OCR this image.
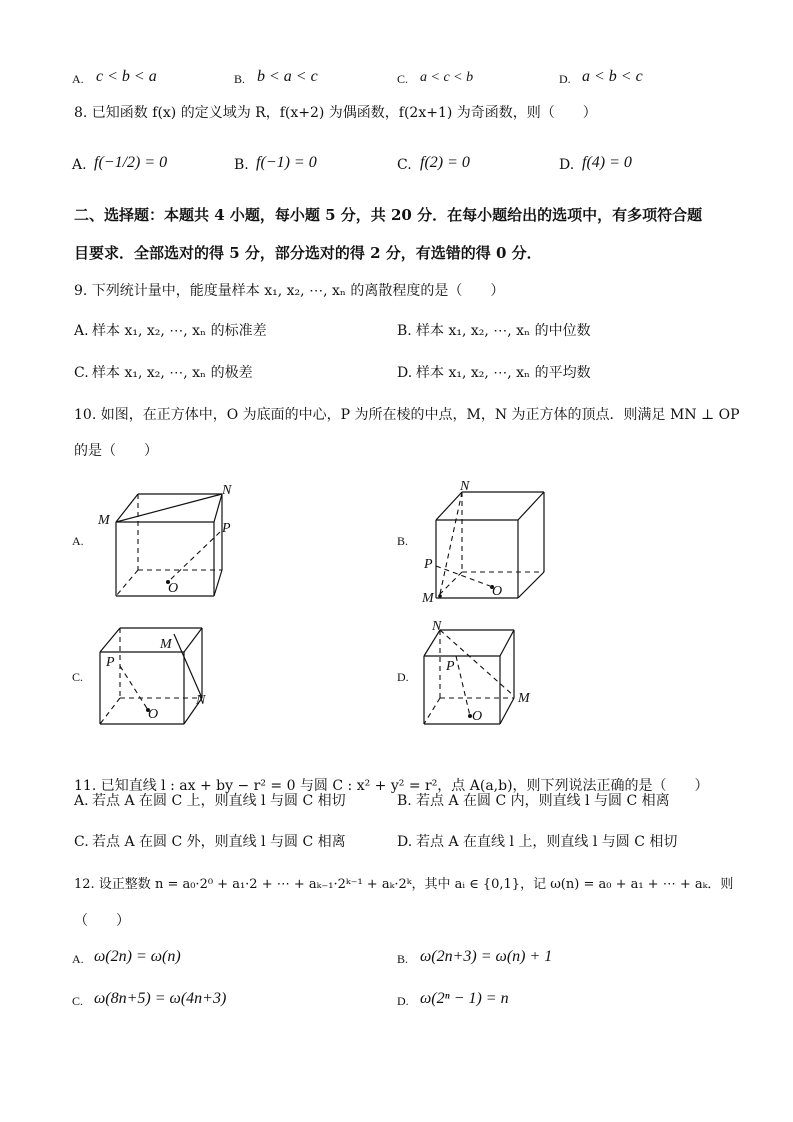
A. c < b < a	B. b < a < c	C. a < c < b	D. a < b < c
8. 已知函数 f(x) 的定义域为 R，f(x+2) 为偶函数，f(2x+1) 为奇函数，则（　　）
A. f(−1/2) = 0	B. f(−1) = 0	C. f(2) = 0	D. f(4) = 0
二、选择题：本题共 4 小题，每小题 5 分，共 20 分．在每小题给出的选项中，有多项符合题
目要求．全部选对的得 5 分，部分选对的得 2 分，有选错的得 0 分．
9. 下列统计量中，能度量样本 x₁, x₂, ⋯, xₙ 的离散程度的是（　　）
A. 样本 x₁, x₂, ⋯, xₙ 的标准差	B. 样本 x₁, x₂, ⋯, xₙ 的中位数
C. 样本 x₁, x₂, ⋯, xₙ 的极差	D. 样本 x₁, x₂, ⋯, xₙ 的平均数
10. 如图，在正方体中，O 为底面的中心，P 为所在棱的中点，M，N 为正方体的顶点．则满足 MN ⊥ OP
的是（　　）
A.
M
N
P
O
B.
M
N
P
O
C.
M
N
P
O
D.
M
N
P
O
11. 已知直线 l : ax + by − r² = 0 与圆 C : x² + y² = r²，点 A(a,b)，则下列说法正确的是（　　）
A. 若点 A 在圆 C 上，则直线 l 与圆 C 相切	B. 若点 A 在圆 C 内，则直线 l 与圆 C 相离
C. 若点 A 在圆 C 外，则直线 l 与圆 C 相离	D. 若点 A 在直线 l 上，则直线 l 与圆 C 相切
12. 设正整数 n = a₀·2⁰ + a₁·2 + ⋯ + aₖ₋₁·2ᵏ⁻¹ + aₖ·2ᵏ，其中 aᵢ ∈ {0,1}，记 ω(n) = a₀ + a₁ + ⋯ + aₖ．则
（　　）
A. ω(2n) = ω(n)	B. ω(2n+3) = ω(n) + 1
C. ω(8n+5) = ω(4n+3)	D. ω(2ⁿ − 1) = n
